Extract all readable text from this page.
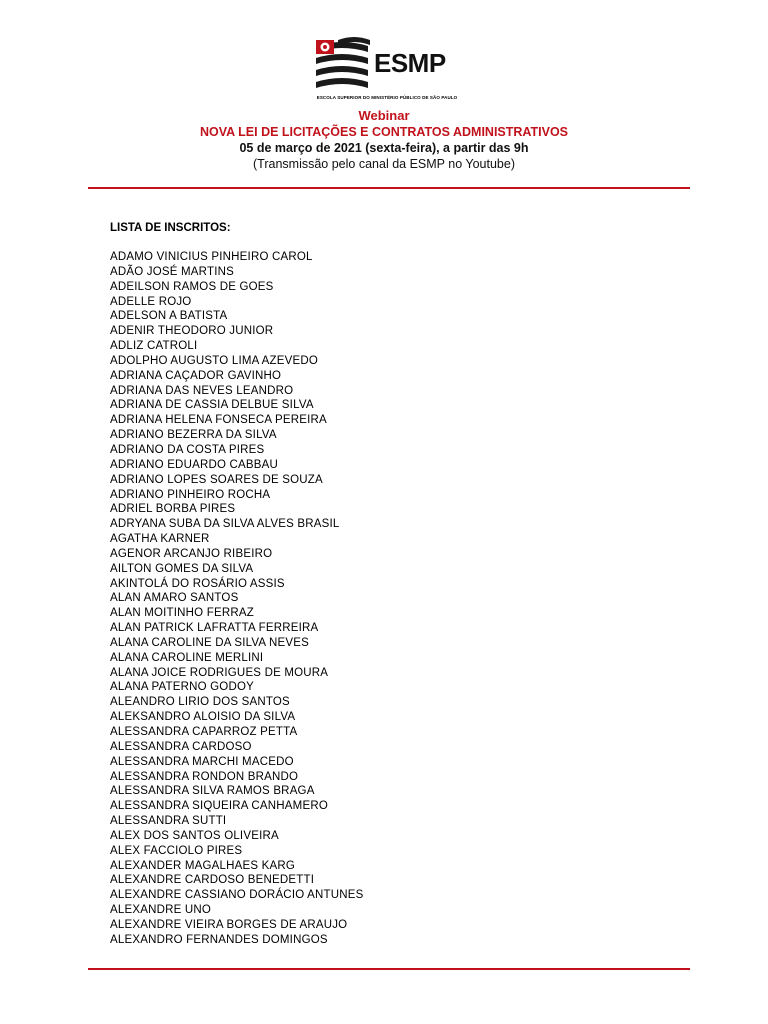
ESMP
ESCOLA SUPERIOR DO MINISTÉRIO PÚBLICO DE SÃO PAULO
Webinar
NOVA LEI DE LICITAÇÕES E CONTRATOS ADMINISTRATIVOS
05 de março de 2021 (sexta-feira), a partir das 9h
(Transmissão pelo canal da ESMP no Youtube)
LISTA DE INSCRITOS:
ADAMO VINICIUS PINHEIRO CAROL
ADÃO JOSÉ MARTINS
ADEILSON RAMOS DE GOES
ADELLE ROJO
ADELSON A BATISTA
ADENIR THEODORO JUNIOR
ADLIZ CATROLI
ADOLPHO AUGUSTO LIMA AZEVEDO
ADRIANA CAÇADOR GAVINHO
ADRIANA DAS NEVES LEANDRO
ADRIANA DE CASSIA DELBUE SILVA
ADRIANA HELENA FONSECA PEREIRA
ADRIANO BEZERRA DA SILVA
ADRIANO DA COSTA PIRES
ADRIANO EDUARDO CABBAU
ADRIANO LOPES SOARES DE SOUZA
ADRIANO PINHEIRO ROCHA
ADRIEL BORBA PIRES
ADRYANA SUBA DA SILVA ALVES BRASIL
AGATHA KARNER
AGENOR ARCANJO RIBEIRO
AILTON GOMES DA SILVA
AKINTOLÁ DO ROSÁRIO ASSIS
ALAN AMARO SANTOS
ALAN MOITINHO FERRAZ
ALAN PATRICK LAFRATTA FERREIRA
ALANA CAROLINE DA SILVA NEVES
ALANA CAROLINE MERLINI
ALANA JOICE RODRIGUES DE MOURA
ALANA PATERNO GODOY
ALEANDRO LIRIO DOS SANTOS
ALEKSANDRO ALOISIO DA SILVA
ALESSANDRA CAPARROZ PETTA
ALESSANDRA CARDOSO
ALESSANDRA MARCHI MACEDO
ALESSANDRA RONDON BRANDO
ALESSANDRA SILVA RAMOS BRAGA
ALESSANDRA SIQUEIRA CANHAMERO
ALESSANDRA SUTTI
ALEX DOS SANTOS OLIVEIRA
ALEX FACCIOLO PIRES
ALEXANDER MAGALHAES KARG
ALEXANDRE CARDOSO BENEDETTI
ALEXANDRE CASSIANO DORÁCIO ANTUNES
ALEXANDRE UNO
ALEXANDRE VIEIRA BORGES DE ARAUJO
ALEXANDRO FERNANDES DOMINGOS
